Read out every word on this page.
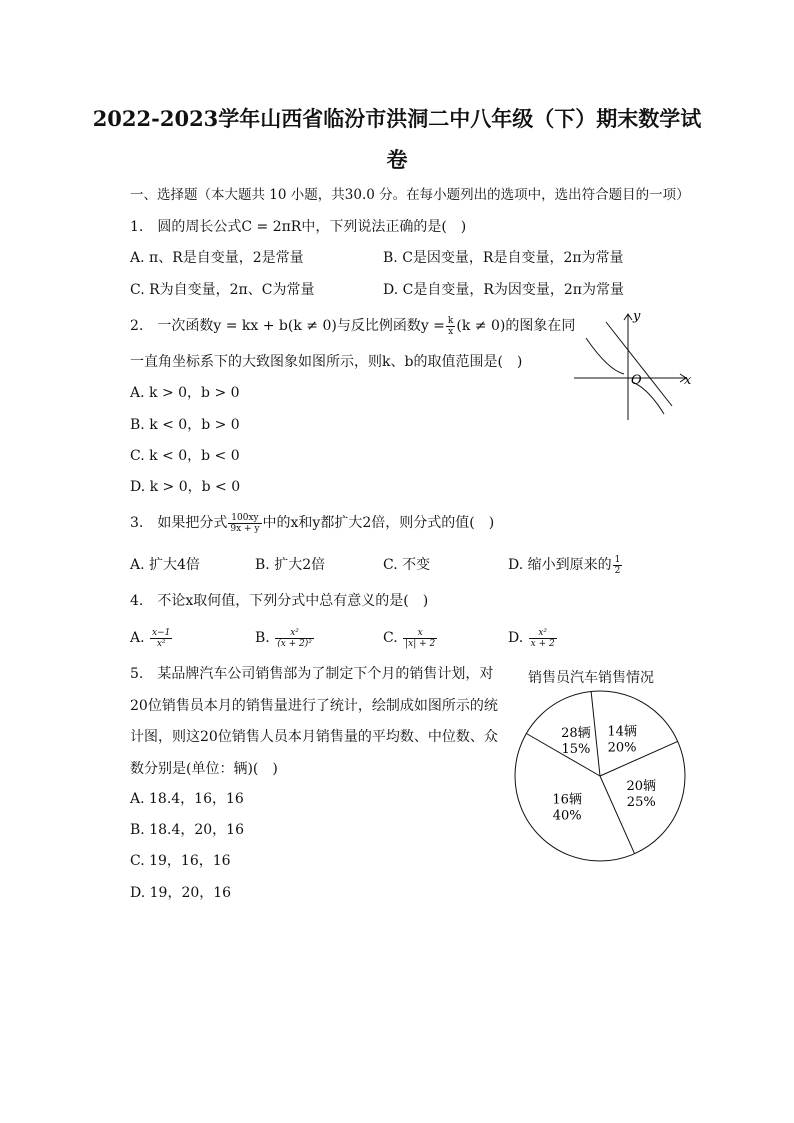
2022-2023学年山西省临汾市洪洞二中八年级（下）期末数学试
卷
一、选择题（本大题共 10 小题，共30.0 分。在每小题列出的选项中，选出符合题目的一项）
1.　圆的周长公式C = 2πR中，下列说法正确的是(　)
A. π、R是自变量，2是常量	B. C是因变量，R是自变量，2π为常量
C. R为自变量，2π、C为常量	D. C是自变量，R为因变量，2π为常量
2.　一次函数y = kx + b(k ≠ 0)与反比例函数$y = \frac{k}{x} (k \ne 0)$的图象在同
一直角坐标系下的大致图象如图所示，则k、b的取值范围是(　)
A. k > 0，b > 0
B. k < 0，b > 0
C. k < 0，b < 0
D. k > 0，b < 0
y
x
O
3.　如果把分式 $\frac{100xy}{9x + y}$ 中的x和y都扩大2倍，则分式的值(　)
A. 扩大4倍	B. 扩大2倍	C. 不变	D. 缩小到原来的 $\frac{1}{2}$
4.　不论x取何值，下列分式中总有意义的是(　)
A. $\frac{x-1}{\text{x²}}$	B. $\frac{\text{x²}}{\text{(x + 2)²}}$	C. $\frac{x}{|x| + 2}$	D. $\frac{\text{x²}}{x + 2}$
5.　某品牌汽车公司销售部为了制定下个月的销售计划，对
20位销售员本月的销售量进行了统计，绘制成如图所示的统
计图，则这20位销售人员本月销售量的平均数、中位数、众
数分别是(单位：辆)(　)
A. 18.4，16，16
B. 18.4，20，16
C. 19，16，16
D. 19，20，16
销售员汽车销售情况
28辆
15%
14辆
20%
20辆
25%
16辆
40%
